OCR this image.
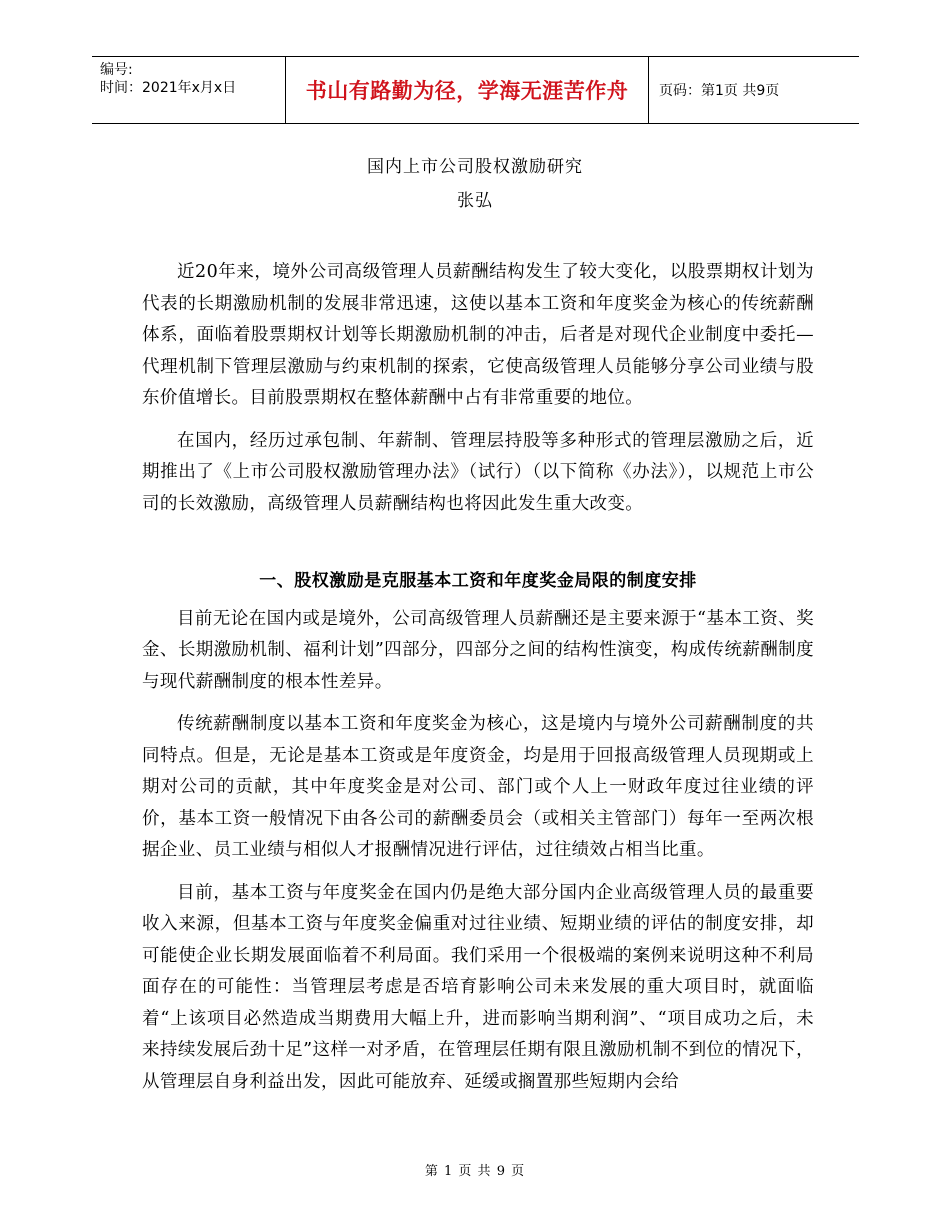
编号:
时间：2021年x月x日	书山有路勤为径，学海无涯苦作舟	页码：第1页 共9页
国内上市公司股权激励研究
张弘

近20年来，境外公司高级管理人员薪酬结构发生了较大变化，以股票期权计划为代表的长期激励机制的发展非常迅速，这使以基本工资和年度奖金为核心的传统薪酬体系，面临着股票期权计划等长期激励机制的冲击，后者是对现代企业制度中委托—代理机制下管理层激励与约束机制的探索，它使高级管理人员能够分享公司业绩与股东价值增长。目前股票期权在整体薪酬中占有非常重要的地位。

在国内，经历过承包制、年薪制、管理层持股等多种形式的管理层激励之后，近期推出了《上市公司股权激励管理办法》（试行）（以下简称《办法》），以规范上市公司的长效激励，高级管理人员薪酬结构也将因此发生重大改变。

一、股权激励是克服基本工资和年度奖金局限的制度安排

目前无论在国内或是境外，公司高级管理人员薪酬还是主要来源于“基本工资、奖金、长期激励机制、福利计划”四部分，四部分之间的结构性演变，构成传统薪酬制度与现代薪酬制度的根本性差异。

传统薪酬制度以基本工资和年度奖金为核心，这是境内与境外公司薪酬制度的共同特点。但是，无论是基本工资或是年度资金，均是用于回报高级管理人员现期或上期对公司的贡献，其中年度奖金是对公司、部门或个人上一财政年度过往业绩的评价，基本工资一般情况下由各公司的薪酬委员会（或相关主管部门）每年一至两次根据企业、员工业绩与相似人才报酬情况进行评估，过往绩效占相当比重。

目前，基本工资与年度奖金在国内仍是绝大部分国内企业高级管理人员的最重要收入来源，但基本工资与年度奖金偏重对过往业绩、短期业绩的评估的制度安排，却可能使企业长期发展面临着不利局面。我们采用一个很极端的案例来说明这种不利局面存在的可能性：当管理层考虑是否培育影响公司未来发展的重大项目时，就面临着“上该项目必然造成当期费用大幅上升，进而影响当期利润”、“项目成功之后，未来持续发展后劲十足”这样一对矛盾，在管理层任期有限且激励机制不到位的情况下，从管理层自身利益出发，因此可能放弃、延缓或搁置那些短期内会给

第 1 页 共 9 页
